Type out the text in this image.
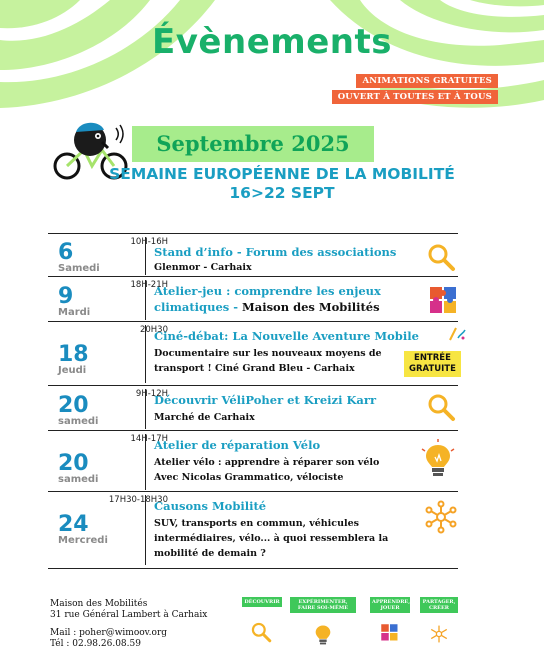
Évènements
ANIMATIONS GRATUITES
OUVERT À TOUTES ET À TOUS
Septembre 2025
SEMAINE EUROPÉENNE DE LA MOBILITÉ
16>22 SEPT
10H-16H
6
Samedi
Stand d’info - Forum des associations
Glenmor - Carhaix
18H-21H
9
Mardi
Atelier-jeu : comprendre les enjeux
climatiques - Maison des Mobilités
20H30
18
Jeudi
Ciné-débat: La Nouvelle Aventure Mobile
Documentaire sur les nouveaux moyens de
transport ! Ciné Grand Bleu - Carhaix
9H-12H
20
samedi
Découvrir VéliPoher et Kreizi Karr
Marché de Carhaix
14H-17H
20
samedi
Atelier de réparation Vélo
Atelier vélo : apprendre à réparer son vélo
Avec Nicolas Grammatico, vélociste
17H30-18H30
24
Mercredi
Causons Mobilité
SUV, transports en commun, véhicules
intermédiaires, vélo... à quoi ressemblera la
mobilité de demain ?
ENTRÉE
GRATUITE
Maison des Mobilités
31 rue Général Lambert à Carhaix
Mail : poher@wimoov.org
Tél : 02.98.26.08.59
DÉCOUVRIR	EXPÉRIMENTER, FAIRE SOI-MÊME
APPRENDRE, JOUER
PARTAGER, CRÉER
